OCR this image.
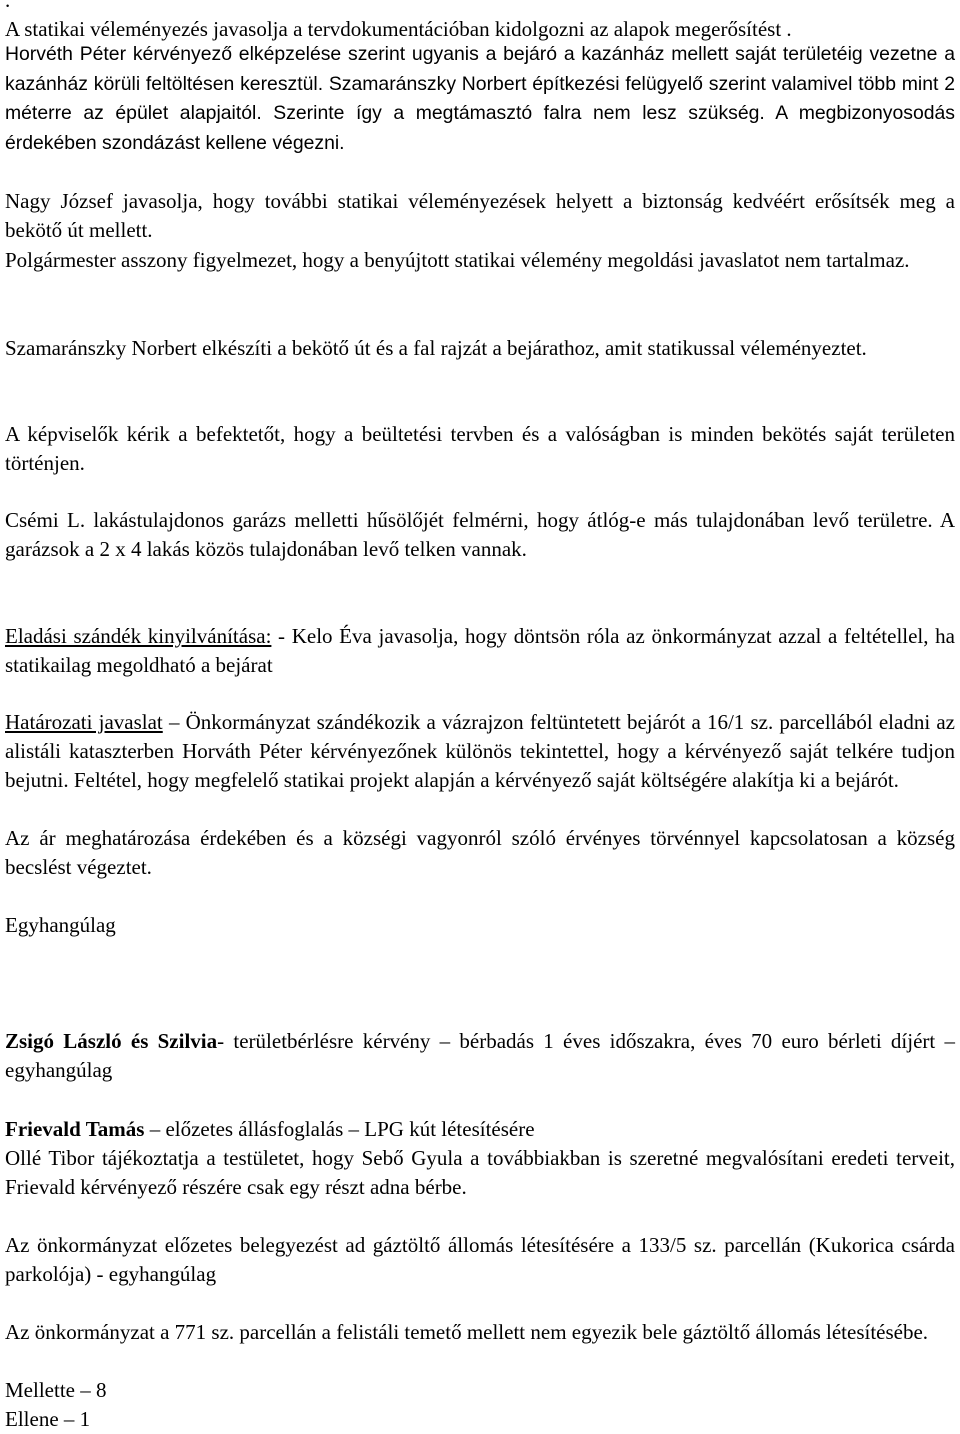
.
A statikai véleményezés javasolja a tervdokumentációban kidolgozni az alapok megerősítést .
Horvéth Péter kérvényező elképzelése szerint ugyanis a bejáró a kazánház mellett saját területéig vezetne a kazánház körüli feltöltésen keresztül. Szamaránszky Norbert építkezési felügyelő szerint valamivel több mint 2 méterre az épület alapjaitól. Szerinte így a megtámasztó falra nem lesz szükség. A megbizonyosodás érdekében szondázást kellene végezni.
Nagy József javasolja, hogy további statikai véleményezések helyett a biztonság kedvéért erősítsék meg a bekötő út mellett.
Polgármester asszony figyelmezet, hogy a benyújtott statikai vélemény megoldási javaslatot nem tartalmaz.
Szamaránszky Norbert elkészíti a bekötő út és a fal rajzát a bejárathoz, amit statikussal véleményeztet.
A képviselők kérik a befektetőt, hogy a beültetési tervben és a valóságban is minden bekötés saját területen történjen.
Csémi L. lakástulajdonos garázs melletti hűsölőjét felmérni, hogy átlóg-e más tulajdonában levő területre. A garázsok a 2 x 4 lakás közös tulajdonában levő telken vannak.
Eladási szándék kinyilvánítása: - Kelo Éva javasolja, hogy döntsön róla az önkormányzat azzal a feltétellel, ha statikailag megoldható a bejárat
Határozati javaslat – Önkormányzat szándékozik a vázrajzon feltüntetett bejárót a 16/1 sz. parcellából eladni az alistáli kataszterben Horváth Péter kérvényezőnek különös tekintettel, hogy a kérvényező saját telkére tudjon bejutni. Feltétel, hogy megfelelő statikai projekt alapján a kérvényező saját költségére alakítja ki a bejárót.
Az ár meghatározása érdekében és a községi vagyonról szóló érvényes törvénnyel kapcsolatosan a község becslést végeztet.
Egyhangúlag
Zsigó László és Szilvia- területbérlésre kérvény – bérbadás 1 éves időszakra, éves 70 euro bérleti díjért – egyhangúlag
Frievald Tamás – előzetes állásfoglalás – LPG kút létesítésére
Ollé Tibor tájékoztatja a testületet, hogy Sebő Gyula a továbbiakban is szeretné megvalósítani eredeti terveit, Frievald kérvényező részére csak egy részt adna bérbe.
Az önkormányzat előzetes belegyezést ad gáztöltő állomás létesítésére a 133/5 sz. parcellán (Kukorica csárda parkolója) - egyhangúlag
Az önkormányzat a 771 sz. parcellán a felistáli temető mellett nem egyezik bele gáztöltő állomás létesítésébe.
Mellette – 8
Ellene – 1
